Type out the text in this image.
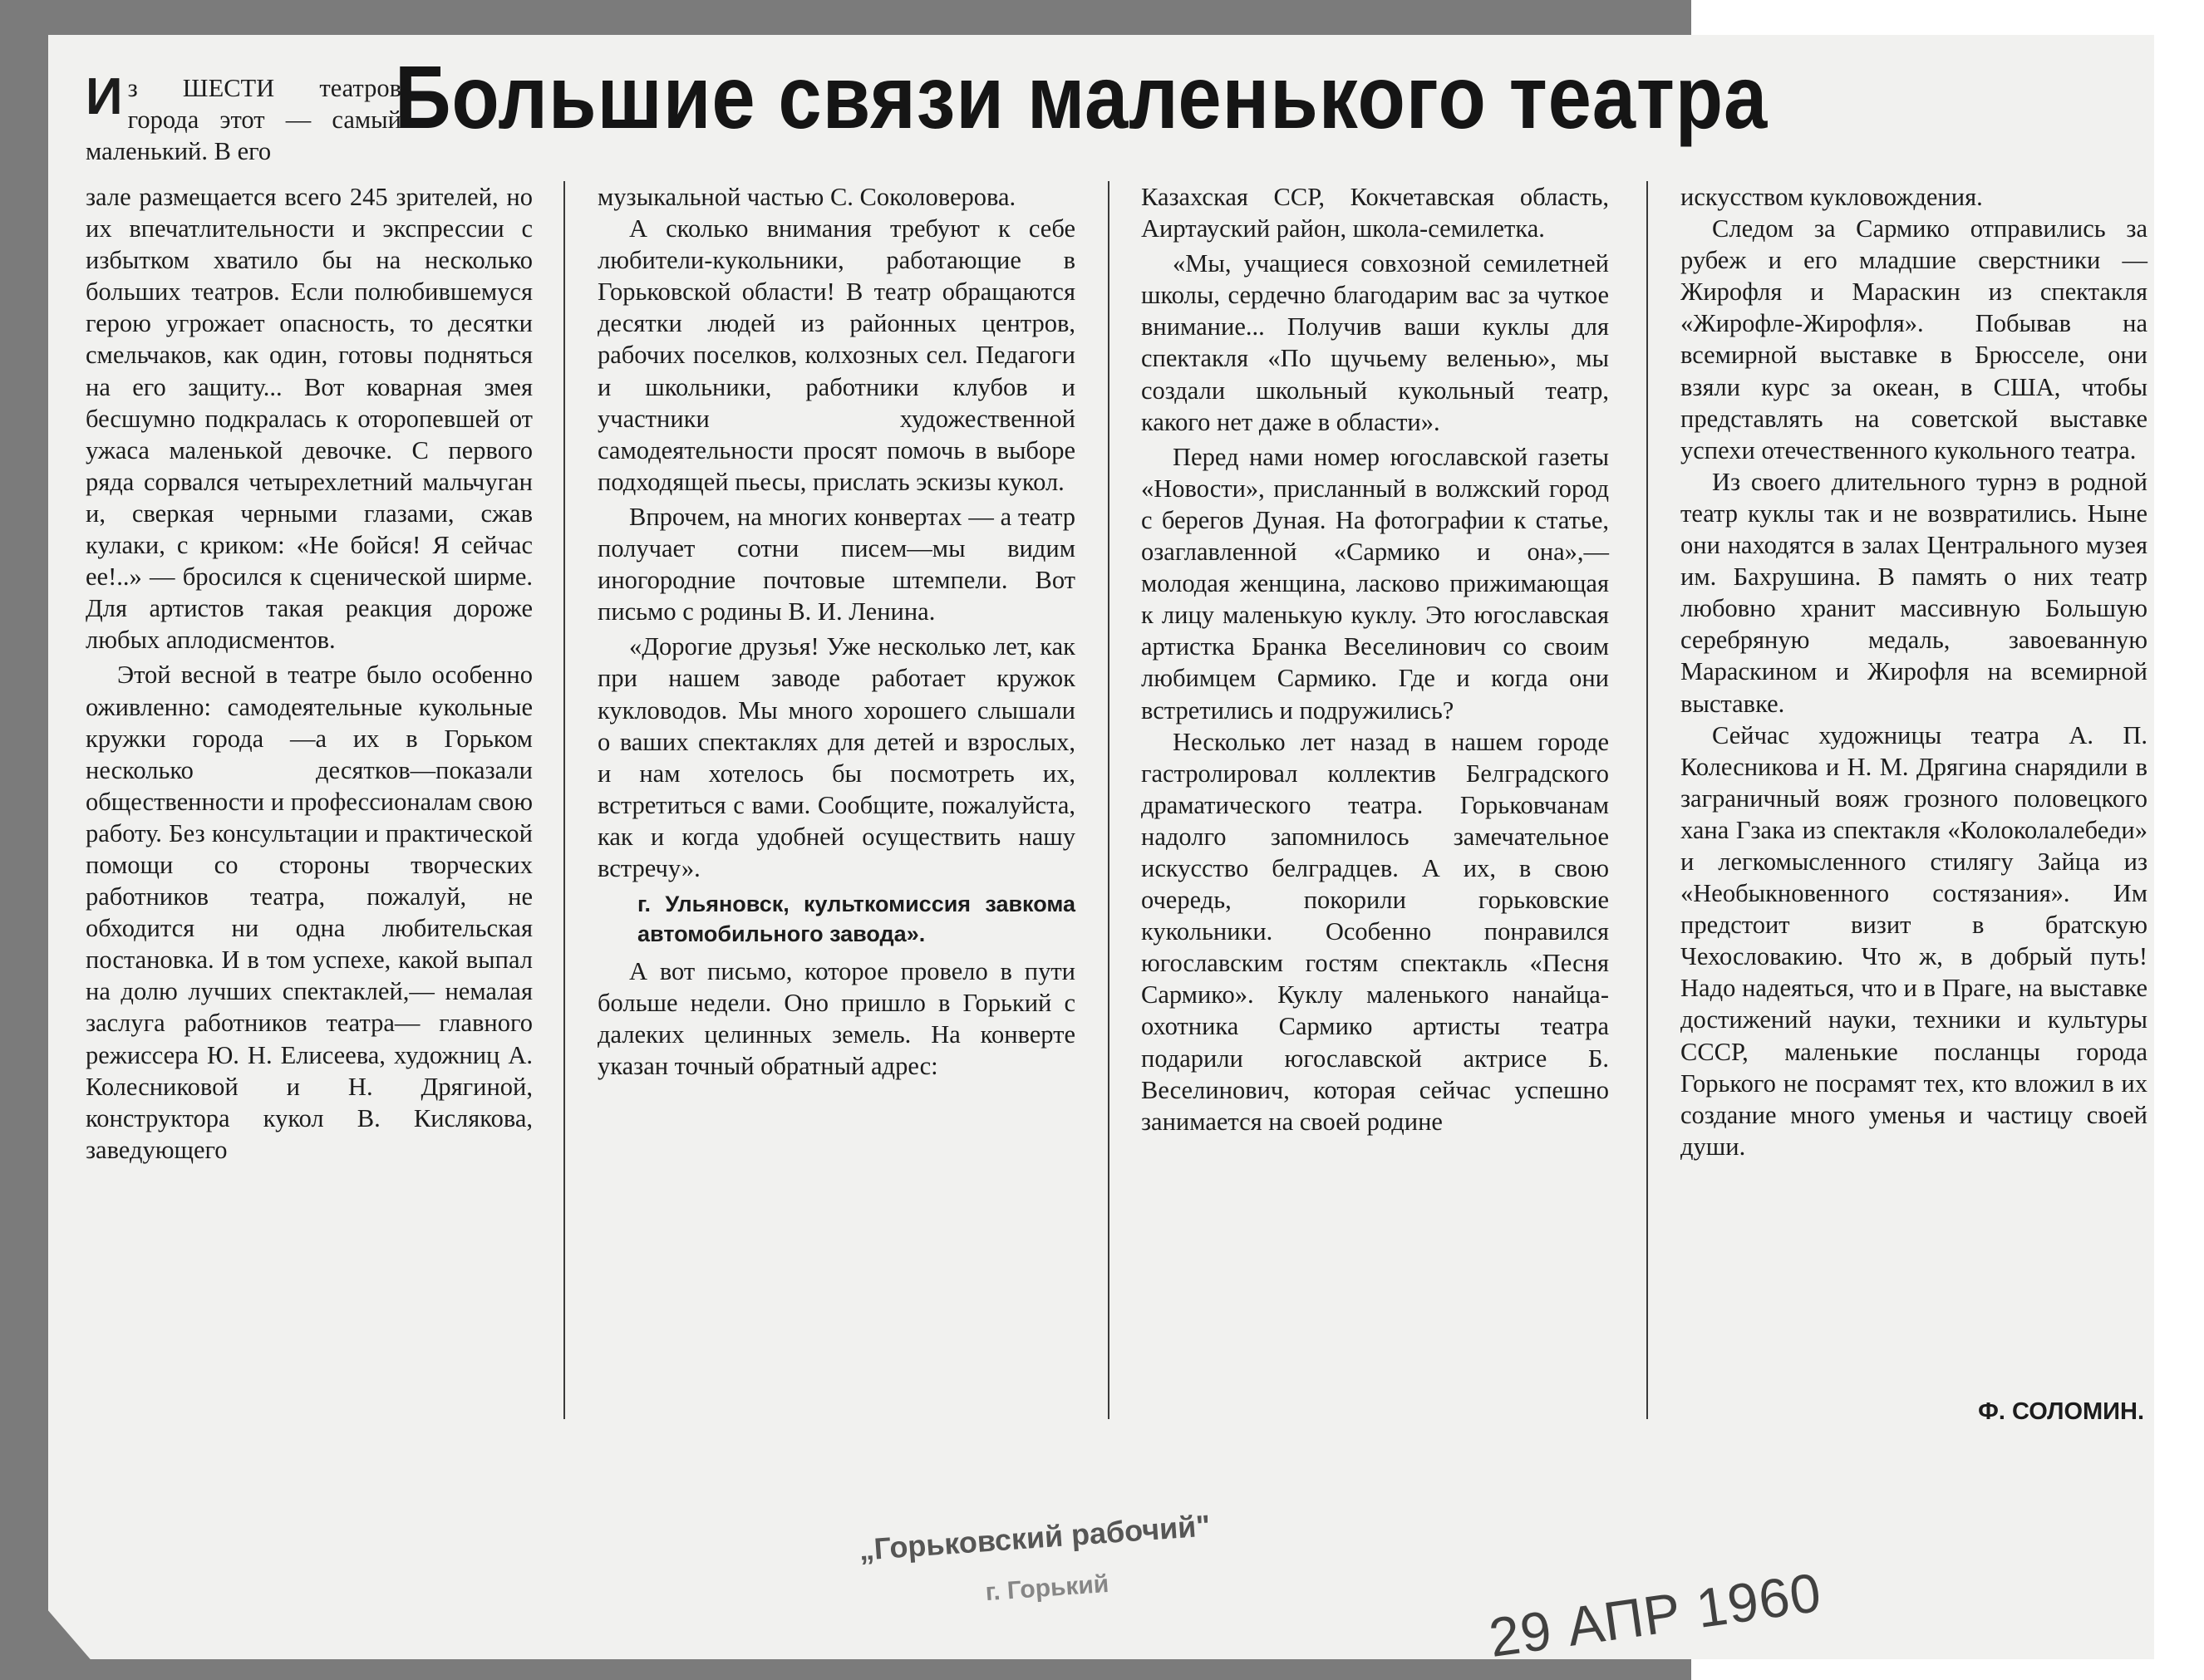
Большие связи маленького театра
Из ШЕСТИ театров города этот — самый маленький. В его

зале размещается всего 245 зрителей, но их впечатлительности и экспрессии с избытком хватило бы на несколько больших театров. Если полюбившемуся герою угрожает опасность, то десятки смельчаков, как один, готовы подняться на его защиту... Вот коварная змея бесшумно подкралась к оторопевшей от ужаса маленькой девочке. С первого ряда сорвался четырехлетний мальчуган и, сверкая черными глазами, сжав кулаки, с криком: «Не бойся! Я сейчас ее!..» — бросился к сценической ширме. Для артистов такая реакция дороже любых аплодисментов.

Этой весной в театре было особенно оживленно: самодеятельные кукольные кружки города —а их в Горьком несколько десятков—показали общественности и профессионалам свою работу. Без консультации и практической помощи со стороны творческих работников театра, пожалуй, не обходится ни одна любительская постановка. И в том успехе, какой выпал на долю лучших спектаклей,— немалая заслуга работников театра— главного режиссера Ю. Н. Елисеева, художниц А. Колесниковой и Н. Дрягиной, конструктора кукол В. Кислякова, заведующего

музыкальной частью С. Соколоверова.

А сколько внимания требуют к себе любители-кукольники, работающие в Горьковской области! В театр обращаются десятки людей из районных центров, рабочих поселков, колхозных сел. Педагоги и школьники, работники клубов и участники художественной самодеятельности просят помочь в выборе подходящей пьесы, прислать эскизы кукол.

Впрочем, на многих конвертах — а театр получает сотни писем—мы видим иногородние почтовые штемпели. Вот письмо с родины В. И. Ленина.

«Дорогие друзья! Уже несколько лет, как при нашем заводе работает кружок кукловодов. Мы много хорошего слышали о ваших спектаклях для детей и взрослых, и нам хотелось бы посмотреть их, встретиться с вами. Сообщите, пожалуйста, как и когда удобней осуществить нашу встречу».

г. Ульяновск, культкомиссия завкома автомобильного завода».

А вот письмо, которое провело в пути больше недели. Оно пришло в Горький с далеких целинных земель. На конверте указан точный обратный адрес:

Казахская ССР, Кокчетавская область, Аиртауский район, школа-семилетка.

«Мы, учащиеся совхозной семилетней школы, сердечно благодарим вас за чуткое внимание... Получив ваши куклы для спектакля «По щучьему веленью», мы создали школьный кукольный театр, какого нет даже в области».

Перед нами номер югославской газеты «Новости», присланный в волжский город с берегов Дуная. На фотографии к статье, озаглавленной «Сармико и она»,— молодая женщина, ласково прижимающая к лицу маленькую куклу. Это югославская артистка Бранка Веселинович со своим любимцем Сармико. Где и когда они встретились и подружились?

Несколько лет назад в нашем городе гастролировал коллектив Белградского драматического театра. Горьковчанам надолго запомнилось замечательное искусство белградцев. А их, в свою очередь, покорили горьковские кукольники. Особенно понравился югославским гостям спектакль «Песня Сармико». Куклу маленького нанайца-охотника Сармико артисты театра подарили югославской актрисе Б. Веселинович, которая сейчас успешно занимается на своей родине

искусством кукловождения.

Следом за Сармико отправились за рубеж и его младшие сверстники — Жирофля и Мараскин из спектакля «Жирофле-Жирофля». Побывав на всемирной выставке в Брюсселе, они взяли курс за океан, в США, чтобы представлять на советской выставке успехи отечественного кукольного театра.

Из своего длительного турнэ в родной театр куклы так и не возвратились. Ныне они находятся в залах Центрального музея им. Бахрушина. В память о них театр любовно хранит массивную Большую серебряную медаль, завоеванную Мараскином и Жирофля на всемирной выставке.

Сейчас художницы театра А. П. Колесникова и Н. М. Дрягина снарядили в заграничный вояж грозного половецкого хана Гзака из спектакля «Колоколалебеди» и легкомысленного стилягу Зайца из «Необыкновенного состязания». Им предстоит визит в братскую Чехословакию. Что ж, в добрый путь! Надо надеяться, что и в Праге, на выставке достижений науки, техники и культуры СССР, маленькие посланцы города Горького не посрамят тех, кто вложил в их создание много уменья и частицу своей души.

Ф. СОЛОМИН.
„Горьковский рабочий"
г. Горький	29 АПР 1960
